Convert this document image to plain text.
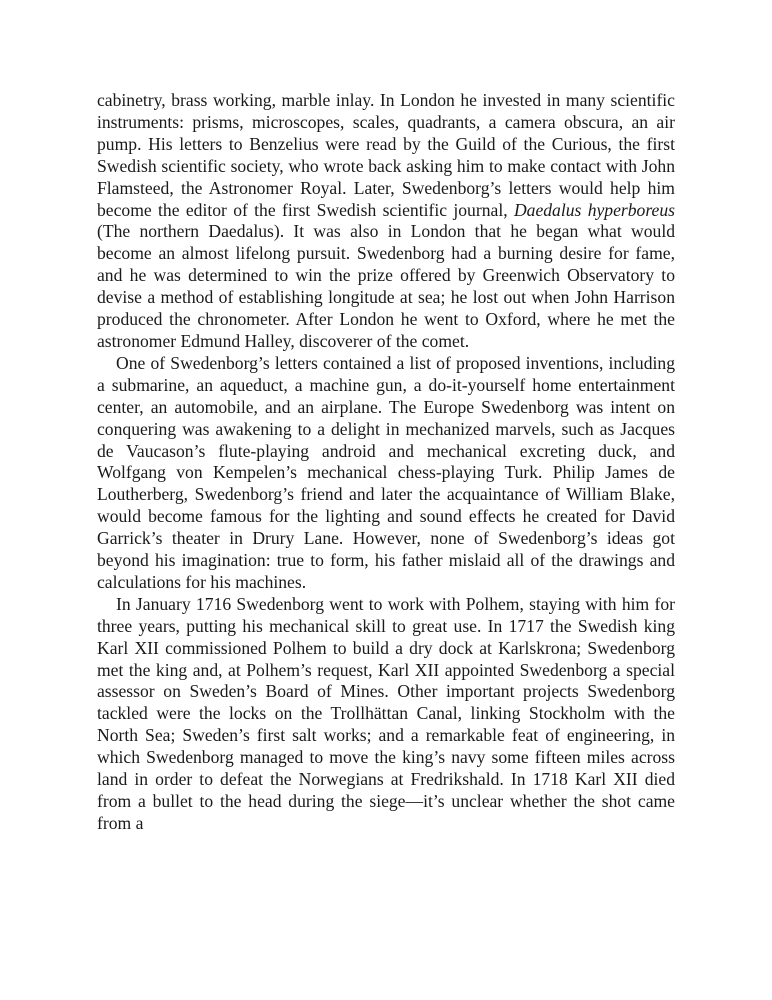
cabinetry, brass working, marble inlay. In London he invested in many scientific instruments: prisms, microscopes, scales, quadrants, a camera obscura, an air pump. His letters to Benzelius were read by the Guild of the Curious, the first Swedish scientific society, who wrote back asking him to make contact with John Flamsteed, the Astronomer Royal. Later, Swedenborg’s letters would help him become the editor of the first Swedish scientific journal, Daedalus hyperboreus (The northern Daedalus). It was also in London that he began what would become an almost lifelong pursuit. Swedenborg had a burning desire for fame, and he was determined to win the prize offered by Greenwich Observatory to devise a method of establishing longitude at sea; he lost out when John Harrison produced the chronometer. After London he went to Oxford, where he met the astronomer Edmund Halley, discoverer of the comet.

One of Swedenborg’s letters contained a list of proposed inventions, including a submarine, an aqueduct, a machine gun, a do-it-yourself home entertainment center, an automobile, and an airplane. The Europe Swedenborg was intent on conquering was awakening to a delight in mechanized marvels, such as Jacques de Vaucason’s flute-playing android and mechanical excreting duck, and Wolfgang von Kempelen’s mechanical chess-playing Turk. Philip James de Loutherberg, Swedenborg’s friend and later the acquaintance of William Blake, would become famous for the lighting and sound effects he created for David Garrick’s theater in Drury Lane. However, none of Swedenborg’s ideas got beyond his imagination: true to form, his father mislaid all of the drawings and calculations for his machines.

In January 1716 Swedenborg went to work with Polhem, staying with him for three years, putting his mechanical skill to great use. In 1717 the Swedish king Karl XII commissioned Polhem to build a dry dock at Karlskrona; Swedenborg met the king and, at Polhem’s request, Karl XII appointed Swedenborg a special assessor on Sweden’s Board of Mines. Other important projects Swedenborg tackled were the locks on the Trollhättan Canal, linking Stockholm with the North Sea; Sweden’s first salt works; and a remarkable feat of engineering, in which Swedenborg managed to move the king’s navy some fifteen miles across land in order to defeat the Norwegians at Fredrikshald. In 1718 Karl XII died from a bullet to the head during the siege—it’s unclear whether the shot came from a
